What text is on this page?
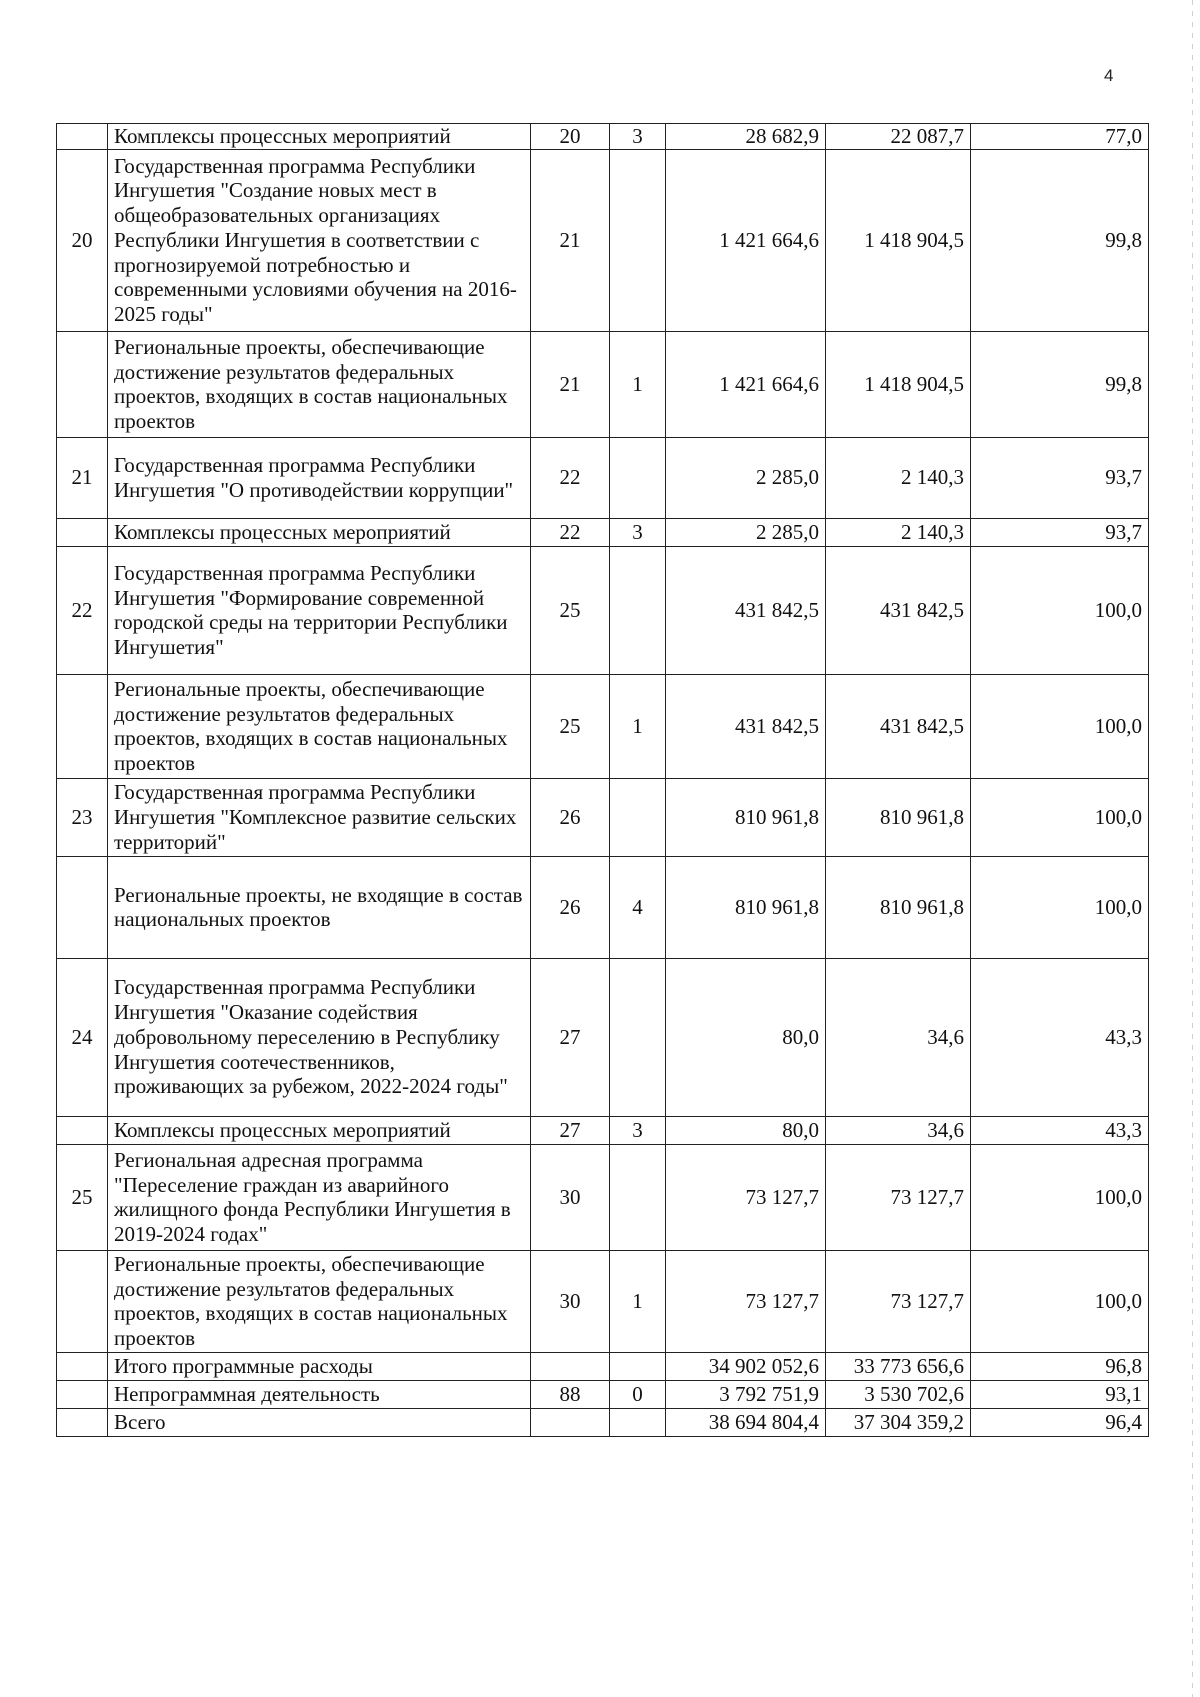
4
	Комплексы процессных мероприятий	20	3	28 682,9	22 087,7	77,0
20	Государственная программа Республики Ингушетия "Создание новых мест в общеобразовательных организациях Республики Ингушетия в соответствии с прогнозируемой потребностью и современными условиями обучения на 2016-2025 годы"	21		1 421 664,6	1 418 904,5	99,8
	Региональные проекты, обеспечивающие достижение результатов федеральных проектов, входящих в состав национальных проектов	21	1	1 421 664,6	1 418 904,5	99,8
21	Государственная программа Республики Ингушетия "О противодействии коррупции"	22		2 285,0	2 140,3	93,7
	Комплексы процессных мероприятий	22	3	2 285,0	2 140,3	93,7
22	Государственная программа Республики Ингушетия "Формирование современной городской среды на территории Республики Ингушетия"	25		431 842,5	431 842,5	100,0
	Региональные проекты, обеспечивающие достижение результатов федеральных проектов, входящих в состав национальных проектов	25	1	431 842,5	431 842,5	100,0
23	Государственная программа Республики Ингушетия "Комплексное развитие сельских территорий"	26		810 961,8	810 961,8	100,0
	Региональные проекты, не входящие в состав национальных проектов	26	4	810 961,8	810 961,8	100,0
24	Государственная программа Республики Ингушетия "Оказание содействия добровольному переселению в Республику Ингушетия соотечественников, проживающих за рубежом, 2022-2024 годы"	27		80,0	34,6	43,3
	Комплексы процессных мероприятий	27	3	80,0	34,6	43,3
25	Региональная адресная программа "Переселение граждан из аварийного жилищного фонда Республики Ингушетия в 2019-2024 годах"	30		73 127,7	73 127,7	100,0
	Региональные проекты, обеспечивающие достижение результатов федеральных проектов, входящих в состав национальных проектов	30	1	73 127,7	73 127,7	100,0
	Итого программные расходы			34 902 052,6	33 773 656,6	96,8
	Непрограммная деятельность	88	0	3 792 751,9	3 530 702,6	93,1
	Всего			38 694 804,4	37 304 359,2	96,4
